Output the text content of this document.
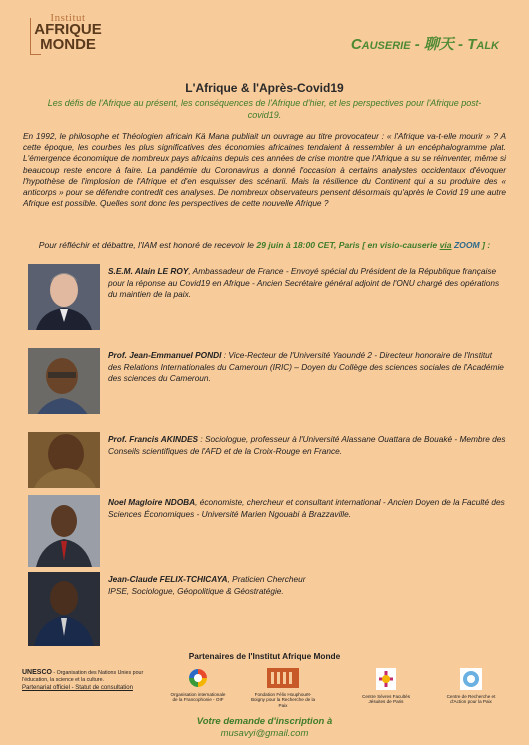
Institut
AFRIQUE
MONDE	Causerie - 聊天 - Talk
L'Afrique & l'Après-Covid19
Les défis de l'Afrique au présent, les conséquences de l'Afrique d'hier, et les perspectives pour l'Afrique post-covid19.
En 1992, le philosophe et Théologien africain Kä Mana publiait un ouvrage au titre provocateur : « l'Afrique va-t-elle mourir » ? A cette époque, les courbes les plus significatives des économies africaines tendaient à ressembler à un encéphalogramme plat. L'émergence économique de nombreux pays africains depuis ces années de crise montre que l'Afrique a su se réinventer, même si beaucoup reste encore à faire. La pandémie du Coronavirus a donné l'occasion à certains analystes occidentaux d'évoquer l'hypothèse de l'implosion de l'Afrique et d'en esquisser des scénarii. Mais la résilience du Continent qui a su produire des « anticorps » pour se défendre contredit ces analyses. De nombreux observateurs pensent désormais qu'après le Covid 19 une autre Afrique est possible. Quelles sont donc les perspectives de cette nouvelle Afrique ?
Pour réfléchir et débattre, l'IAM est honoré de recevoir le 29 juin à 18:00 CET, Paris [ en visio-causerie via ZOOM ] :
S.E.M. Alain LE ROY, Ambassadeur de France - Envoyé spécial du Président de la République française pour la réponse au Covid19 en Afrique - Ancien Secrétaire général adjoint de l'ONU chargé des opérations du maintien de la paix.
Prof. Jean-Emmanuel PONDI : Vice-Recteur de l'Université Yaoundé 2 - Directeur honoraire de l'Institut des Relations Internationales du Cameroun (IRIC) – Doyen du Collège des sciences sociales de l'Académie des sciences du Cameroun.
Prof. Francis AKINDES : Sociologue, professeur à l'Université Alassane Ouattara de Bouaké - Membre des Conseils scientifiques de l'AFD et de la Croix-Rouge en France.
Noel Magloire NDOBA, économiste, chercheur et consultant international - Ancien Doyen de la Faculté des Sciences Économiques - Université Marien Ngouabi à Brazzaville.
Jean-Claude FELIX-TCHICAYA, Praticien Chercheur IPSE, Sociologue, Géopolitique & Géostratégie.
Partenaires de l'Institut Afrique Monde
UNESCO - Organisation des Nations Unies pour l'éducation, la science et la culture.
Partenariat officiel - Statut de consultation
Organisation internationale de la Francophonie - OIF
Fondation Félix Houphouët-Boigny pour la Recherche de la Paix
Centre Sèvres Facultés Jésuites de Paris
Centre de Recherche et d'Action pour la Paix
Votre demande d'inscription à
musavyi@gmail.com
